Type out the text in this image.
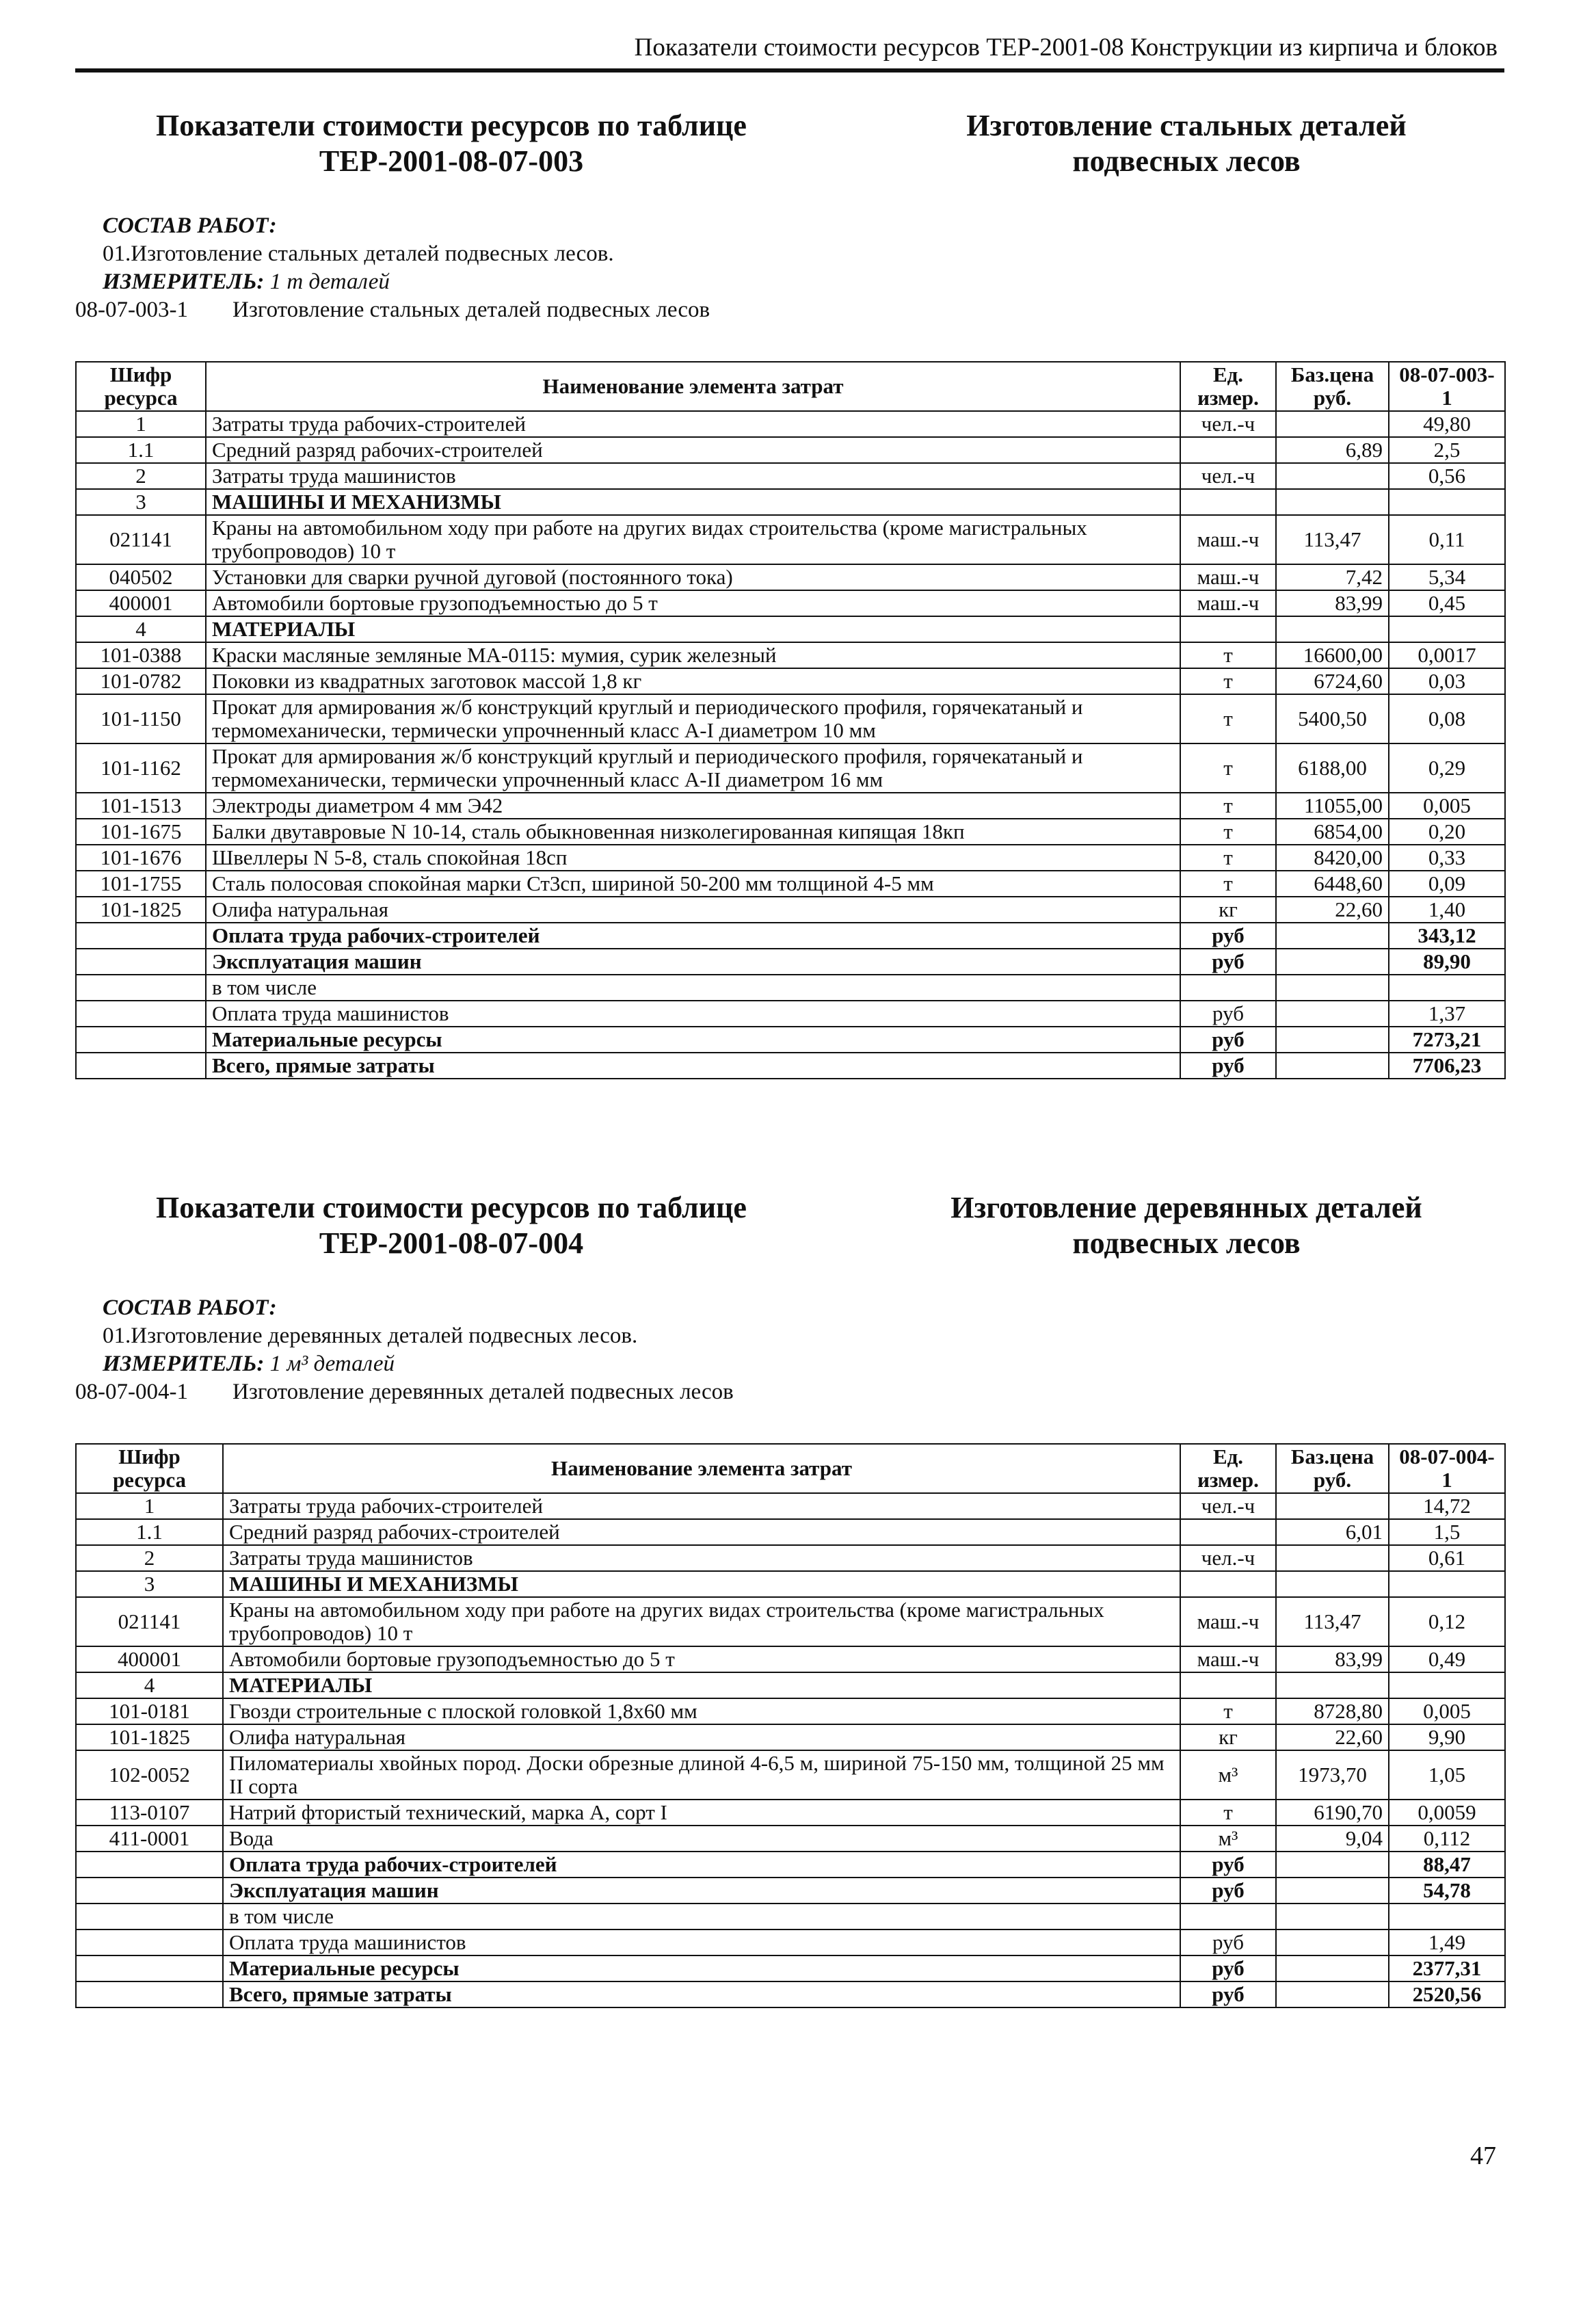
Показатели стоимости ресурсов ТЕР-2001-08 Конструкции из кирпича и блоков
Показатели стоимости ресурсов по таблице
ТЕР-2001-08-07-003
Изготовление стальных деталей
подвесных лесов
СОСТАВ РАБОТ:
01.Изготовление стальных деталей подвесных лесов.
ИЗМЕРИТЕЛЬ: 1 т деталей
08-07-003-1 Изготовление стальных деталей подвесных лесов
Шифр ресурса	Наименование элемента затрат	Ед. измер.	Баз.цена руб.	08-07-003-1
1	Затраты труда рабочих-строителей	чел.-ч		49,80
1.1	Средний разряд рабочих-строителей		6,89	2,5
2	Затраты труда машинистов	чел.-ч		0,56
3	МАШИНЫ И МЕХАНИЗМЫ			
021141	Краны на автомобильном ходу при работе на других видах строительства (кроме магистральных трубопроводов) 10 т	маш.-ч	113,47	0,11
040502	Установки для сварки ручной дуговой (постоянного тока)	маш.-ч	7,42	5,34
400001	Автомобили бортовые грузоподъемностью до 5 т	маш.-ч	83,99	0,45
4	МАТЕРИАЛЫ			
101-0388	Краски масляные земляные МА-0115: мумия, сурик железный	т	16600,00	0,0017
101-0782	Поковки из квадратных заготовок массой 1,8 кг	т	6724,60	0,03
101-1150	Прокат для армирования ж/б конструкций круглый и периодического профиля, горячекатаный и термомеханически, термически упрочненный класс А-I диаметром 10 мм	т	5400,50	0,08
101-1162	Прокат для армирования ж/б конструкций круглый и периодического профиля, горячекатаный и термомеханически, термически упрочненный класс А-II диаметром 16 мм	т	6188,00	0,29
101-1513	Электроды диаметром 4 мм Э42	т	11055,00	0,005
101-1675	Балки двутавровые N 10-14, сталь обыкновенная низколегированная кипящая 18кп	т	6854,00	0,20
101-1676	Швеллеры N 5-8, сталь спокойная 18сп	т	8420,00	0,33
101-1755	Сталь полосовая спокойная марки Ст3сп, шириной 50-200 мм толщиной 4-5 мм	т	6448,60	0,09
101-1825	Олифа натуральная	кг	22,60	1,40
	Оплата труда рабочих-строителей	руб		343,12
	Эксплуатация машин	руб		89,90
	в том числе			
	Оплата труда машинистов	руб		1,37
	Материальные ресурсы	руб		7273,21
	Всего, прямые затраты	руб		7706,23
Показатели стоимости ресурсов по таблице
ТЕР-2001-08-07-004
Изготовление деревянных деталей
подвесных лесов
СОСТАВ РАБОТ:
01.Изготовление деревянных деталей подвесных лесов.
ИЗМЕРИТЕЛЬ: 1 м³ деталей
08-07-004-1 Изготовление деревянных деталей подвесных лесов
Шифр ресурса	Наименование элемента затрат	Ед. измер.	Баз.цена руб.	08-07-004-1
1	Затраты труда рабочих-строителей	чел.-ч		14,72
1.1	Средний разряд рабочих-строителей		6,01	1,5
2	Затраты труда машинистов	чел.-ч		0,61
3	МАШИНЫ И МЕХАНИЗМЫ			
021141	Краны на автомобильном ходу при работе на других видах строительства (кроме магистральных трубопроводов) 10 т	маш.-ч	113,47	0,12
400001	Автомобили бортовые грузоподъемностью до 5 т	маш.-ч	83,99	0,49
4	МАТЕРИАЛЫ			
101-0181	Гвозди строительные с плоской головкой 1,8х60 мм	т	8728,80	0,005
101-1825	Олифа натуральная	кг	22,60	9,90
102-0052	Пиломатериалы хвойных пород. Доски обрезные длиной 4-6,5 м, шириной 75-150 мм, толщиной 25 мм II сорта	м³	1973,70	1,05
113-0107	Натрий фтористый технический, марка А, сорт I	т	6190,70	0,0059
411-0001	Вода	м³	9,04	0,112
	Оплата труда рабочих-строителей	руб		88,47
	Эксплуатация машин	руб		54,78
	в том числе			
	Оплата труда машинистов	руб		1,49
	Материальные ресурсы	руб		2377,31
	Всего, прямые затраты	руб		2520,56
47
